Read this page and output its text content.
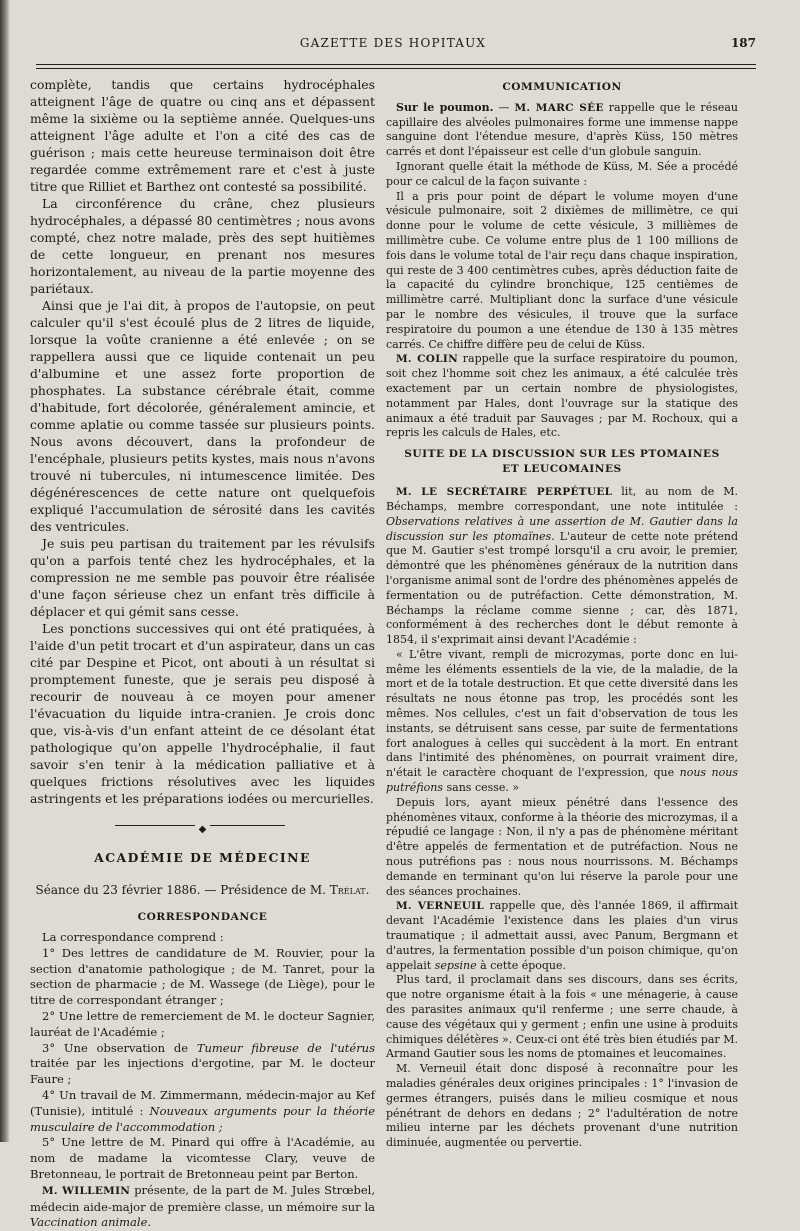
GAZETTE DES HOPITAUX	187

complète, tandis que certains hydrocéphales atteignent l'âge de quatre ou cinq ans et dépassent même la sixième ou la septième année. Quelques-uns atteignent l'âge adulte et l'on a cité des cas de guérison ; mais cette heureuse terminaison doit être regardée comme extrêmement rare et c'est à juste titre que Rilliet et Barthez ont contesté sa possibilité.

La circonférence du crâne, chez plusieurs hydrocéphales, a dépassé 80 centimètres ; nous avons compté, chez notre malade, près des sept huitièmes de cette longueur, en prenant nos mesures horizontalement, au niveau de la partie moyenne des pariétaux.

Ainsi que je l'ai dit, à propos de l'autopsie, on peut calculer qu'il s'est écoulé plus de 2 litres de liquide, lorsque la voûte cranienne a été enlevée ; on se rappellera aussi que ce liquide contenait un peu d'albumine et une assez forte proportion de phosphates. La substance cérébrale était, comme d'habitude, fort décolorée, généralement amincie, et comme aplatie ou comme tassée sur plusieurs points. Nous avons découvert, dans la profondeur de l'encéphale, plusieurs petits kystes, mais nous n'avons trouvé ni tubercules, ni intumescence limitée. Des dégénérescences de cette nature ont quelquefois expliqué l'accumulation de sérosité dans les cavités des ventricules.

Je suis peu partisan du traitement par les révulsifs qu'on a parfois tenté chez les hydrocéphales, et la compression ne me semble pas pouvoir être réalisée d'une façon sérieuse chez un enfant très difficile à déplacer et qui gémit sans cesse.

Les ponctions successives qui ont été pratiquées, à l'aide d'un petit trocart et d'un aspirateur, dans un cas cité par Despine et Picot, ont abouti à un résultat si promptement funeste, que je serais peu disposé à recourir de nouveau à ce moyen pour amener l'évacuation du liquide intra-cranien. Je crois donc que, vis-à-vis d'un enfant atteint de ce désolant état pathologique qu'on appelle l'hydrocéphalie, il faut savoir s'en tenir à la médication palliative et à quelques frictions résolutives avec les liquides astringents et les préparations iodées ou mercurielles.

◆
ACADÉMIE DE MÉDECINE
Séance du 23 février 1886. — Présidence de M. Trélat.
CORRESPONDANCE

La correspondance comprend :

1° Des lettres de candidature de M. Rouvier, pour la section d'anatomie pathologique ; de M. Tanret, pour la section de pharmacie ; de M. Wassege (de Liège), pour le titre de correspondant étranger ;

2° Une lettre de remerciement de M. le docteur Sagnier, lauréat de l'Académie ;

3° Une observation de Tumeur fibreuse de l'utérus traitée par les injections d'ergotine, par M. le docteur Faure ;

4° Un travail de M. Zimmermann, médecin-major au Kef (Tunisie), intitulé : Nouveaux arguments pour la théorie musculaire de l'accommodation ;

5° Une lettre de M. Pinard qui offre à l'Académie, au nom de madame la vicomtesse Clary, veuve de Bretonneau, le portrait de Bretonneau peint par Berton.

M. WILLEMIN présente, de la part de M. Jules Strœbel, médecin aide-major de première classe, un mémoire sur la Vaccination animale.

COMMUNICATION

Sur le poumon. — M. MARC SÉE rappelle que le réseau capillaire des alvéoles pulmonaires forme une immense nappe sanguine dont l'étendue mesure, d'après Küss, 150 mètres carrés et dont l'épaisseur est celle d'un globule sanguin.

Ignorant quelle était la méthode de Küss, M. Sée a procédé pour ce calcul de la façon suivante :

Il a pris pour point de départ le volume moyen d'une vésicule pulmonaire, soit 2 dixièmes de millimètre, ce qui donne pour le volume de cette vésicule, 3 millièmes de millimètre cube. Ce volume entre plus de 1 100 millions de fois dans le volume total de l'air reçu dans chaque inspiration, qui reste de 3 400 centimètres cubes, après déduction faite de la capacité du cylindre bronchique, 125 centièmes de millimètre carré. Multipliant donc la surface d'une vésicule par le nombre des vésicules, il trouve que la surface respiratoire du poumon a une étendue de 130 à 135 mètres carrés. Ce chiffre diffère peu de celui de Küss.

M. COLIN rappelle que la surface respiratoire du poumon, soit chez l'homme soit chez les animaux, a été calculée très exactement par un certain nombre de physiologistes, notamment par Hales, dont l'ouvrage sur la statique des animaux a été traduit par Sauvages ; par M. Rochoux, qui a repris les calculs de Hales, etc.

SUITE DE LA DISCUSSION SUR LES PTOMAINES
ET LEUCOMAINES

M. LE SECRÉTAIRE PERPÉTUEL lit, au nom de M. Béchamps, membre correspondant, une note intitulée : Observations relatives à une assertion de M. Gautier dans la discussion sur les ptomaïnes. L'auteur de cette note prétend que M. Gautier s'est trompé lorsqu'il a cru avoir, le premier, démontré que les phénomènes généraux de la nutrition dans l'organisme animal sont de l'ordre des phénomènes appelés de fermentation ou de putréfaction. Cette démonstration, M. Béchamps la réclame comme sienne ; car, dès 1871, conformément à des recherches dont le début remonte à 1854, il s'exprimait ainsi devant l'Académie :

« L'être vivant, rempli de microzymas, porte donc en lui-même les éléments essentiels de la vie, de la maladie, de la mort et de la totale destruction. Et que cette diversité dans les résultats ne nous étonne pas trop, les procédés sont les mêmes. Nos cellules, c'est un fait d'observation de tous les instants, se détruisent sans cesse, par suite de fermentations fort analogues à celles qui succèdent à la mort. En entrant dans l'intimité des phénomènes, on pourrait vraiment dire, n'était le caractère choquant de l'expression, que nous nous putréfions sans cesse. »

Depuis lors, ayant mieux pénétré dans l'essence des phénomènes vitaux, conforme à la théorie des microzymas, il a répudié ce langage : Non, il n'y a pas de phénomène méritant d'être appelés de fermentation et de putréfaction. Nous ne nous putréfions pas : nous nous nourrissons. M. Béchamps demande en terminant qu'on lui réserve la parole pour une des séances prochaines.

M. VERNEUIL rappelle que, dès l'année 1869, il affirmait devant l'Académie l'existence dans les plaies d'un virus traumatique ; il admettait aussi, avec Panum, Bergmann et d'autres, la fermentation possible d'un poison chimique, qu'on appelait sepsine à cette époque.

Plus tard, il proclamait dans ses discours, dans ses écrits, que notre organisme était à la fois « une ménagerie, à cause des parasites animaux qu'il renferme ; une serre chaude, à cause des végétaux qui y germent ; enfin une usine à produits chimiques délétères ». Ceux-ci ont été très bien étudiés par M. Armand Gautier sous les noms de ptomaines et leucomaines.

M. Verneuil était donc disposé à reconnaître pour les maladies générales deux origines principales : 1° l'invasion de germes étrangers, puisés dans le milieu cosmique et nous pénétrant de dehors en dedans ; 2° l'adultération de notre milieu interne par les déchets provenant d'une nutrition diminuée, augmentée ou pervertie.
